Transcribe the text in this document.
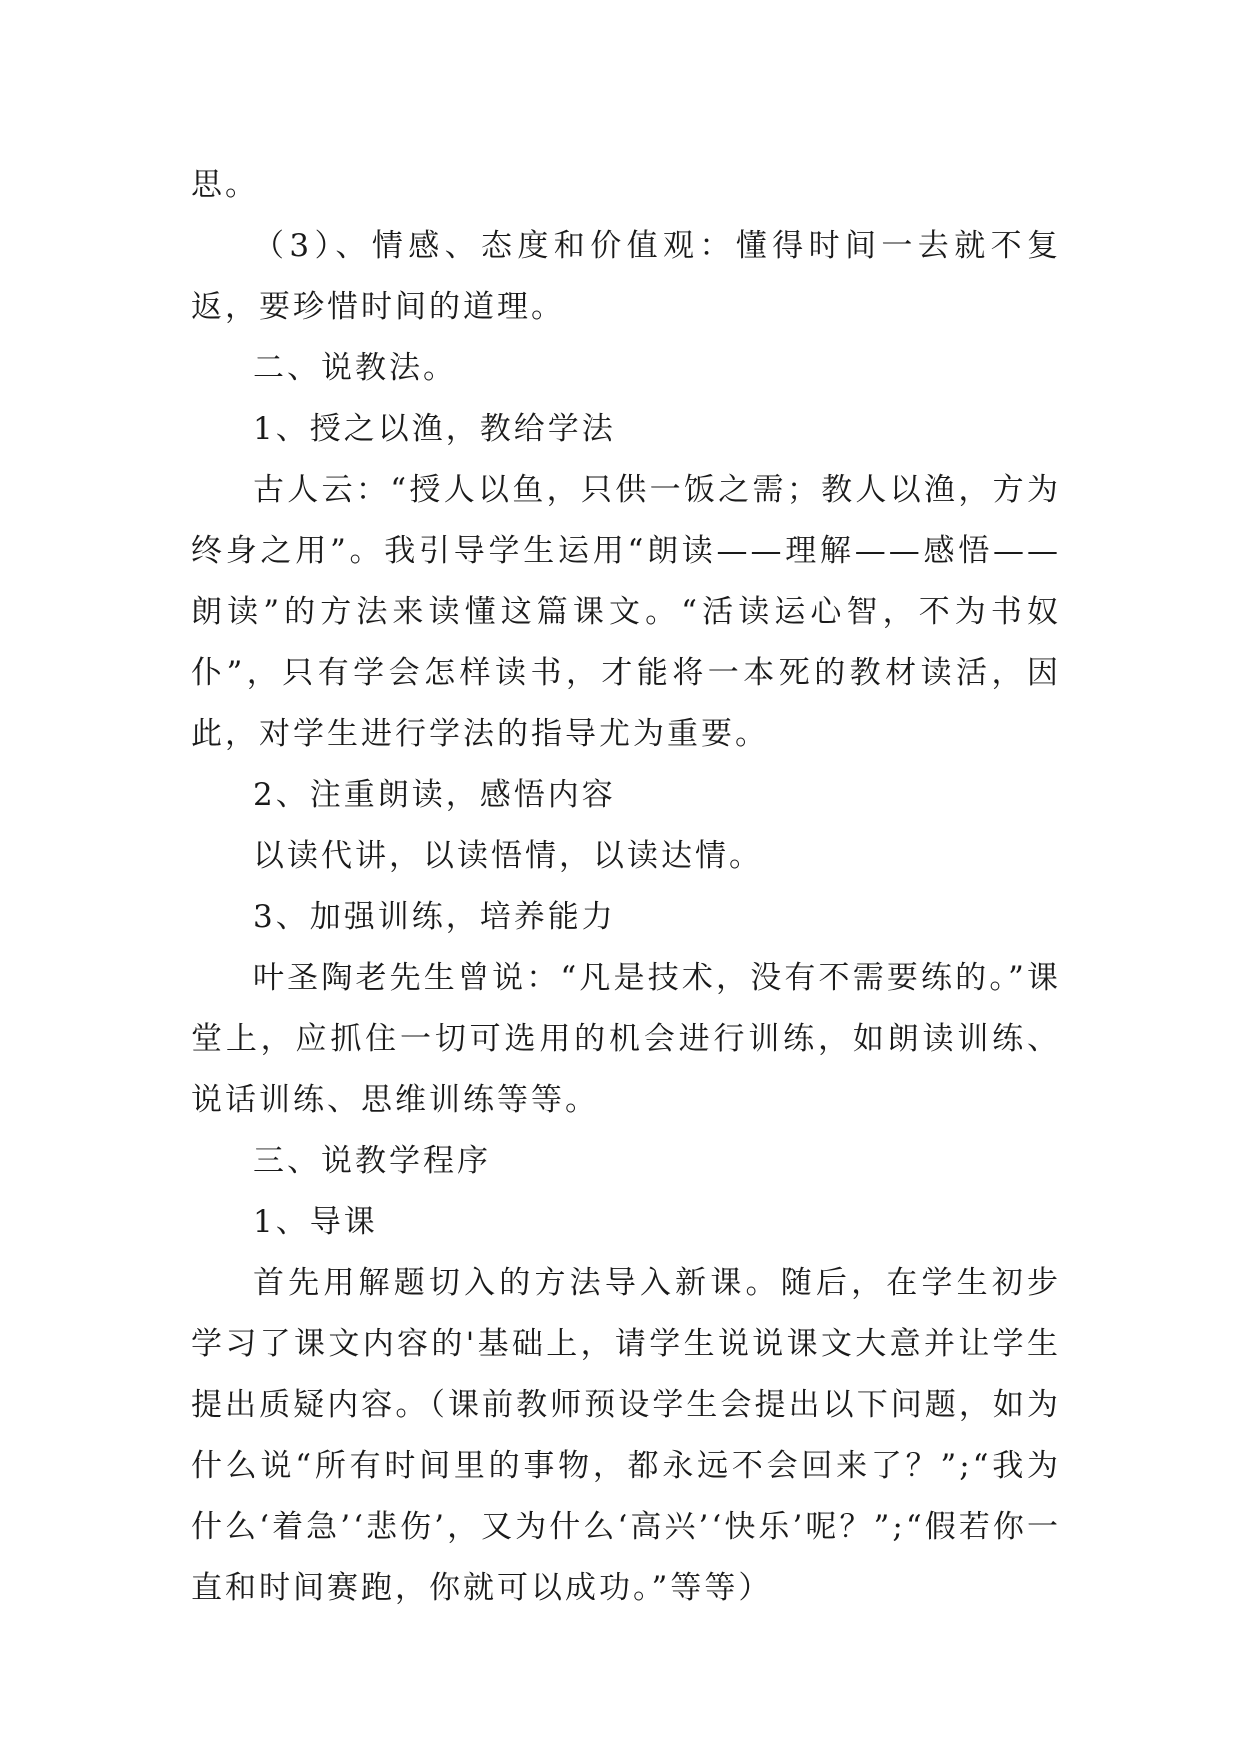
思。

（3）、情感、态度和价值观：懂得时间一去就不复返，要珍惜时间的道理。

二、说教法。

1、授之以渔，教给学法

古人云：“授人以鱼，只供一饭之需；教人以渔，方为终身之用”。我引导学生运用“朗读——理解——感悟——朗读”的方法来读懂这篇课文。“活读运心智，不为书奴仆”，只有学会怎样读书，才能将一本死的教材读活，因此，对学生进行学法的指导尤为重要。

2、注重朗读，感悟内容

以读代讲，以读悟情，以读达情。

3、加强训练，培养能力

叶圣陶老先生曾说：“凡是技术，没有不需要练的。”课堂上，应抓住一切可选用的机会进行训练，如朗读训练、说话训练、思维训练等等。

三、说教学程序

1、导课

首先用解题切入的方法导入新课。随后，在学生初步学习了课文内容的'基础上，请学生说说课文大意并让学生提出质疑内容。（课前教师预设学生会提出以下问题，如为什么说“所有时间里的事物，都永远不会回来了？”;“我为什么‘着急’‘悲伤’，又为什么‘高兴’‘快乐’呢？”;“假若你一直和时间赛跑，你就可以成功。”等等）
